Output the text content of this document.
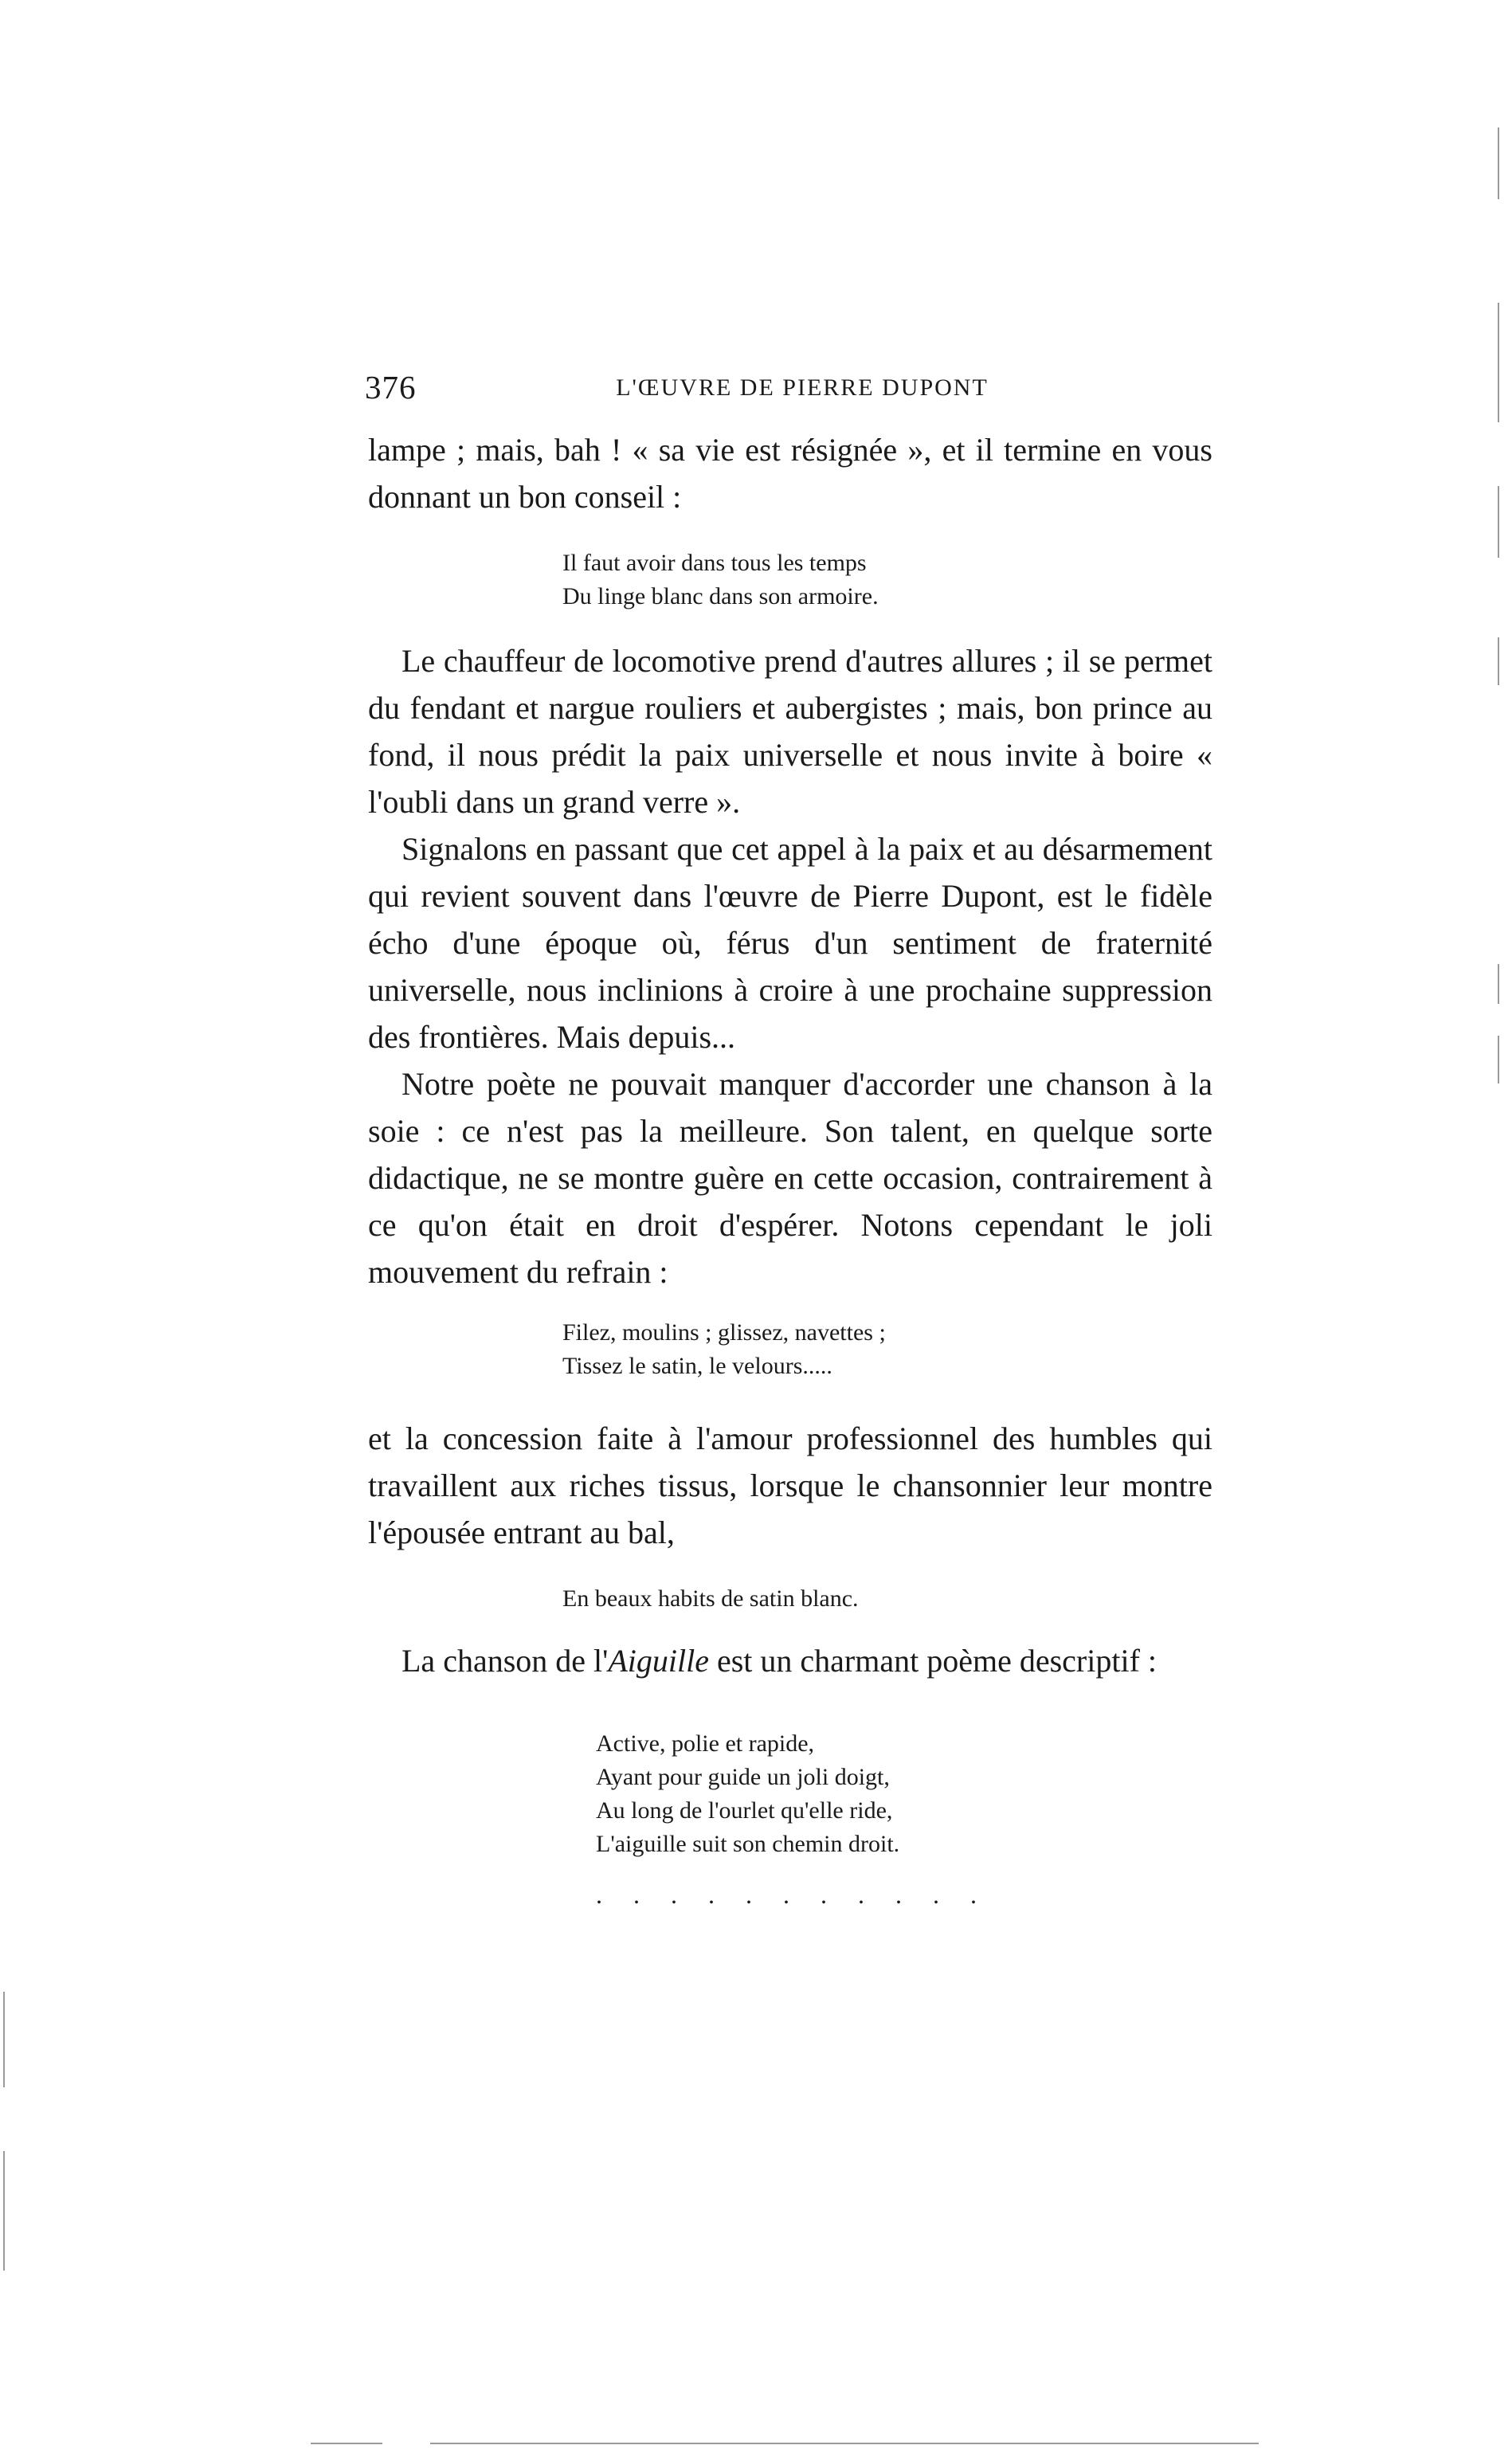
376	L'ŒUVRE DE PIERRE DUPONT

lampe ; mais, bah ! « sa vie est résignée », et il termine en vous donnant un bon conseil :

Il faut avoir dans tous les temps
Du linge blanc dans son armoire.

Le chauffeur de locomotive prend d'autres allures ; il se permet du fendant et nargue rouliers et aubergistes ; mais, bon prince au fond, il nous prédit la paix universelle et nous invite à boire « l'oubli dans un grand verre ».

Signalons en passant que cet appel à la paix et au désarmement qui revient souvent dans l'œuvre de Pierre Dupont, est le fidèle écho d'une époque où, férus d'un sentiment de fraternité universelle, nous inclinions à croire à une prochaine suppression des frontières. Mais depuis...

Notre poète ne pouvait manquer d'accorder une chanson à la soie : ce n'est pas la meilleure. Son talent, en quelque sorte didactique, ne se montre guère en cette occasion, contrairement à ce qu'on était en droit d'espérer. Notons cependant le joli mouvement du refrain :

Filez, moulins ; glissez, navettes ;
Tissez le satin, le velours.....

et la concession faite à l'amour professionnel des humbles qui travaillent aux riches tissus, lorsque le chansonnier leur montre l'épousée entrant au bal,

En beaux habits de satin blanc.

La chanson de l'Aiguille est un charmant poème descriptif :

Active, polie et rapide,
Ayant pour guide un joli doigt,
Au long de l'ourlet qu'elle ride,
L'aiguille suit son chemin droit.
. . . . . . . . . . .
